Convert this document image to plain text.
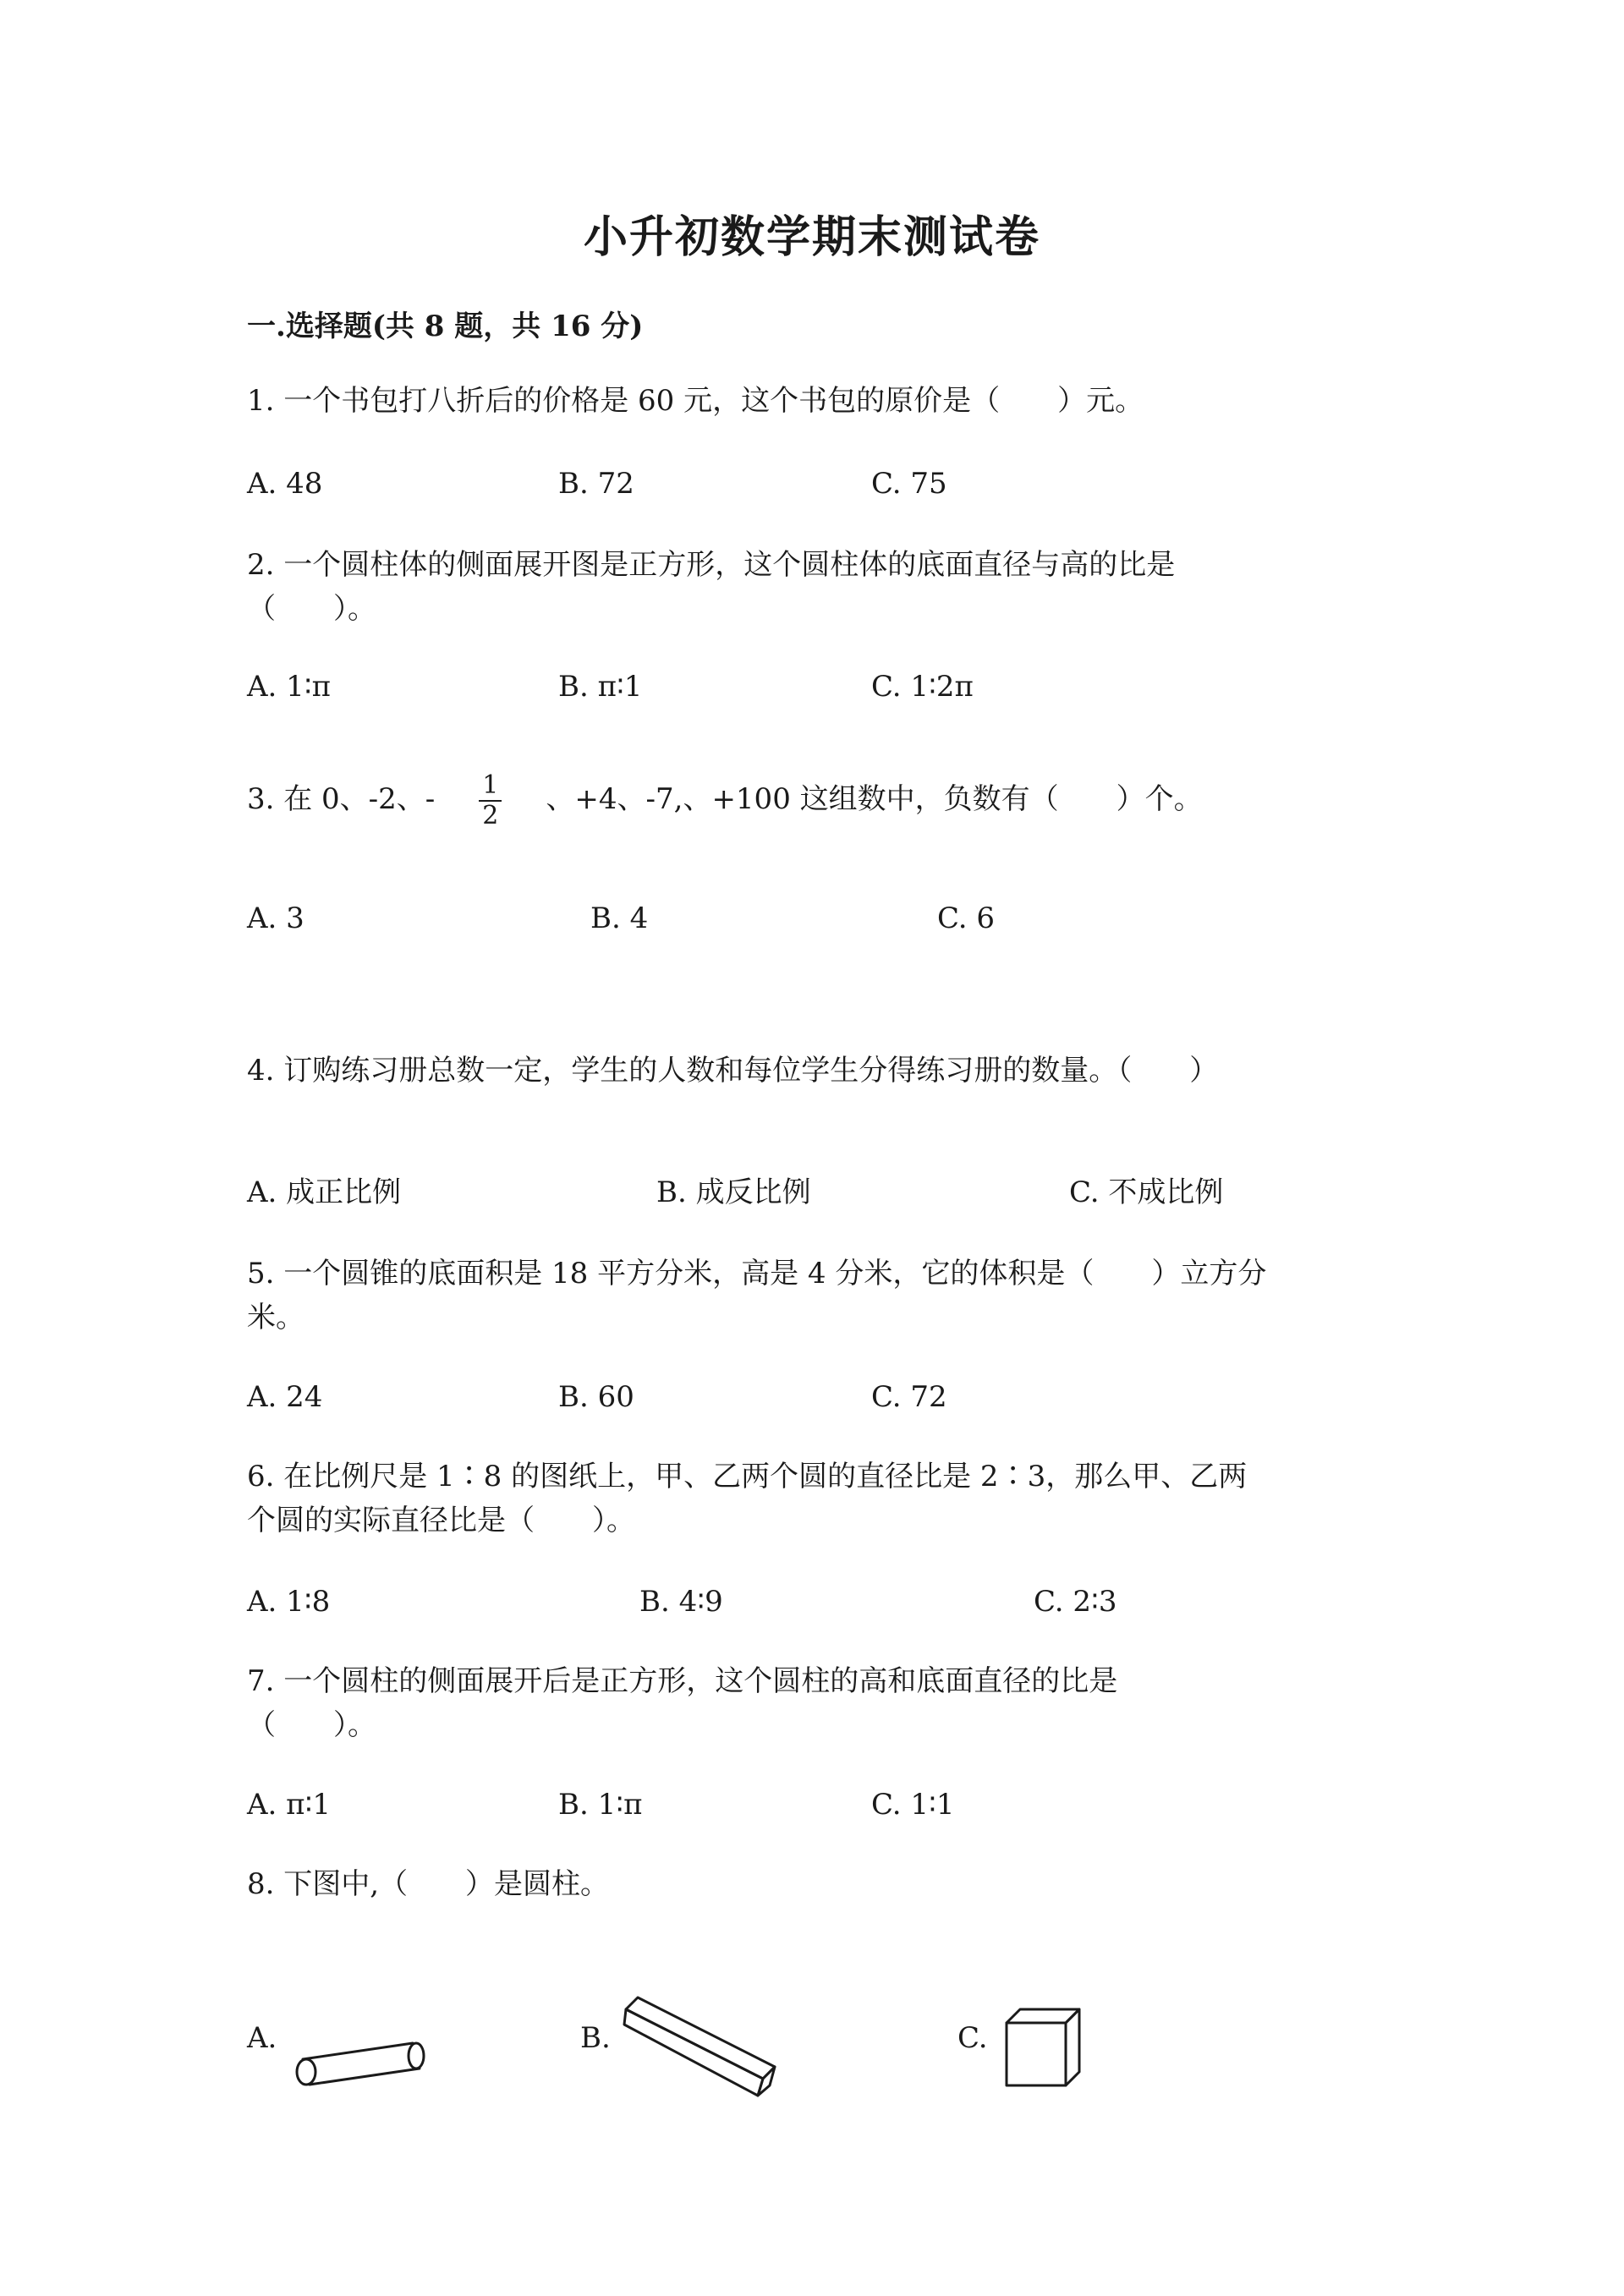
小升初数学期末测试卷
一.选择题(共 8 题，共 16 分)
1. 一个书包打八折后的价格是 60 元，这个书包的原价是（　　）元。
A. 48	B. 72	C. 75
2. 一个圆柱体的侧面展开图是正方形，这个圆柱体的底面直径与高的比是
（　　）。
A. 1∶π	B. π∶1	C. 1∶2π
3. 在 0、-2、- $\frac{1}{2}$ 、+4、-7,、+100 这组数中，负数有（　　）个。
A. 3	B. 4	C. 6
4. 订购练习册总数一定，学生的人数和每位学生分得练习册的数量。（　　）
A. 成正比例	B. 成反比例	C. 不成比例
5. 一个圆锥的底面积是 18 平方分米，高是 4 分米，它的体积是（　　）立方分
米。
A. 24	B. 60	C. 72
6. 在比例尺是 1∶8 的图纸上，甲、乙两个圆的直径比是 2∶3，那么甲、乙两
个圆的实际直径比是（　　）。
A. 1∶8	B. 4∶9	C. 2∶3
7. 一个圆柱的侧面展开后是正方形，这个圆柱的高和底面直径的比是
（　　）。
A. π∶1	B. 1∶π	C. 1∶1
8. 下图中,（　　）是圆柱。
A.	B.	C.
